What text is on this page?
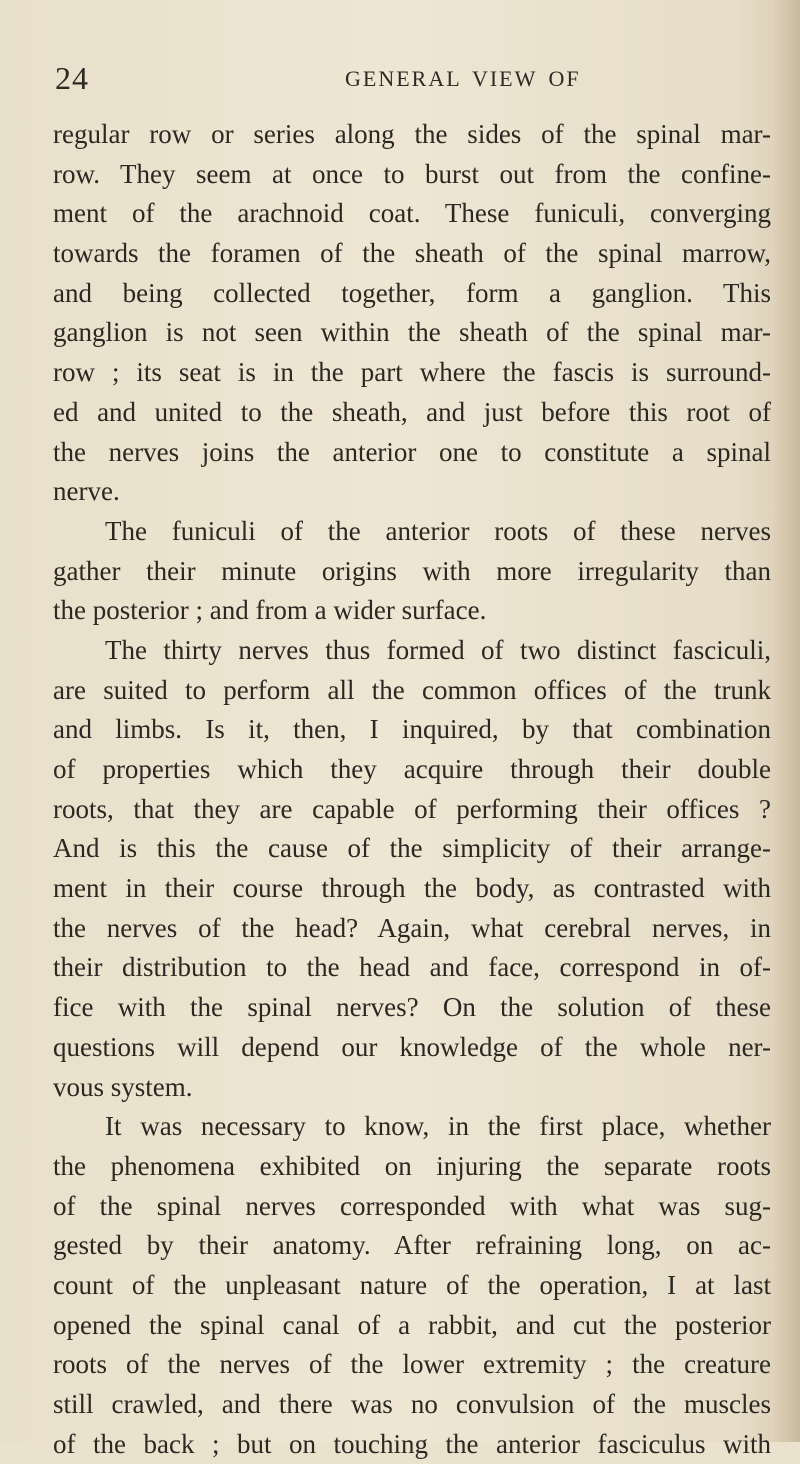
24	GENERAL VIEW OF
regular row or series along the sides of the spinal mar-
row. They seem at once to burst out from the confine-
ment of the arachnoid coat. These funiculi, converging
towards the foramen of the sheath of the spinal marrow,
and being collected together, form a ganglion. This
ganglion is not seen within the sheath of the spinal mar-
row ; its seat is in the part where the fascis is surround-
ed and united to the sheath, and just before this root of
the nerves joins the anterior one to constitute a spinal
nerve.
The funiculi of the anterior roots of these nerves
gather their minute origins with more irregularity than
the posterior ; and from a wider surface.
The thirty nerves thus formed of two distinct fasciculi,
are suited to perform all the common offices of the trunk
and limbs. Is it, then, I inquired, by that combination
of properties which they acquire through their double
roots, that they are capable of performing their offices ?
And is this the cause of the simplicity of their arrange-
ment in their course through the body, as contrasted with
the nerves of the head? Again, what cerebral nerves, in
their distribution to the head and face, correspond in of-
fice with the spinal nerves? On the solution of these
questions will depend our knowledge of the whole ner-
vous system.
It was necessary to know, in the first place, whether
the phenomena exhibited on injuring the separate roots
of the spinal nerves corresponded with what was sug-
gested by their anatomy. After refraining long, on ac-
count of the unpleasant nature of the operation, I at last
opened the spinal canal of a rabbit, and cut the posterior
roots of the nerves of the lower extremity ; the creature
still crawled, and there was no convulsion of the muscles
of the back ; but on touching the anterior fasciculus with
